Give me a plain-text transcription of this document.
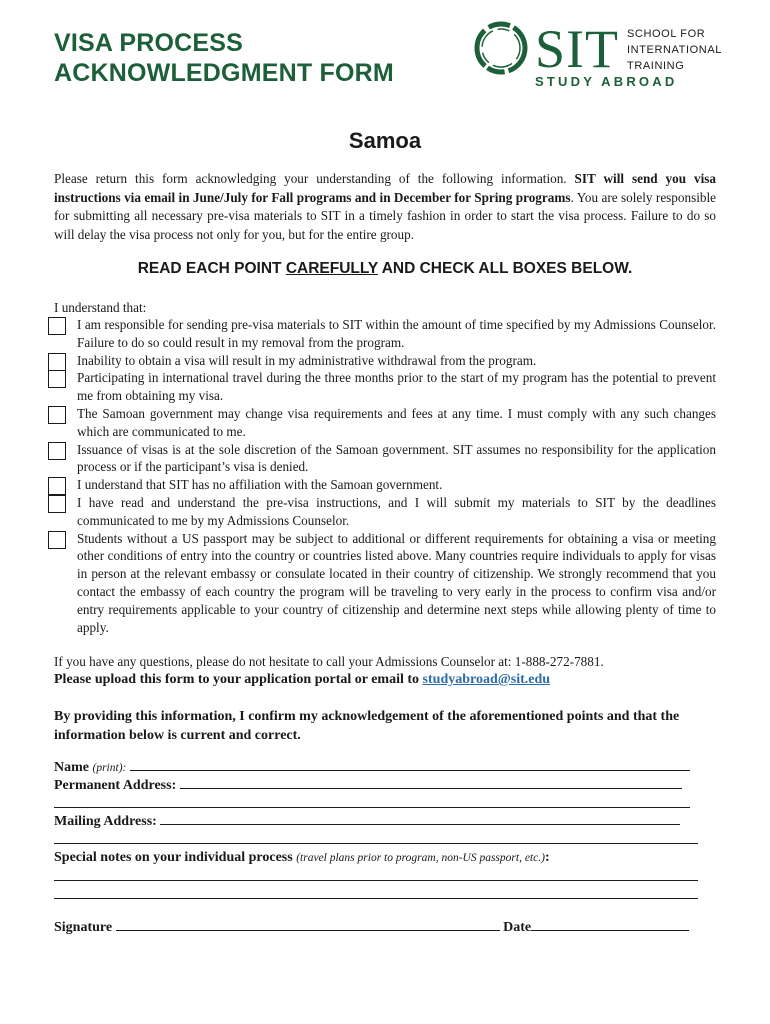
VISA PROCESS
ACKNOWLEDGMENT FORM	SIT SCHOOL FOR
INTERNATIONAL
TRAINING
STUDY ABROAD
Samoa

Please return this form acknowledging your understanding of the following information. SIT will send you visa instructions via email in June/July for Fall programs and in December for Spring programs. You are solely responsible for submitting all necessary pre-visa materials to SIT in a timely fashion in order to start the visa process. Failure to do so will delay the visa process not only for you, but for the entire group.

READ EACH POINT CAREFULLY AND CHECK ALL BOXES BELOW.
I understand that:
I am responsible for sending pre-visa materials to SIT within the amount of time specified by my Admissions Counselor. Failure to do so could result in my removal from the program.
Inability to obtain a visa will result in my administrative withdrawal from the program.
Participating in international travel during the three months prior to the start of my program has the potential to prevent me from obtaining my visa.
The Samoan government may change visa requirements and fees at any time. I must comply with any such changes which are communicated to me.
Issuance of visas is at the sole discretion of the Samoan government. SIT assumes no responsibility for the application process or if the participant’s visa is denied.
I understand that SIT has no affiliation with the Samoan government.
I have read and understand the pre-visa instructions, and I will submit my materials to SIT by the deadlines communicated to me by my Admissions Counselor.
Students without a US passport may be subject to additional or different requirements for obtaining a visa or meeting other conditions of entry into the country or countries listed above. Many countries require individuals to apply for visas in person at the relevant embassy or consulate located in their country of citizenship. We strongly recommend that you contact the embassy of each country the program will be traveling to very early in the process to confirm visa and/or entry requirements applicable to your country of citizenship and determine next steps while allowing plenty of time to apply.
If you have any questions, please do not hesitate to call your Admissions Counselor at: 1-888-272-7881.
Please upload this form to your application portal or email to studyabroad@sit.edu
By providing this information, I confirm my acknowledgement of the aforementioned points and that the information below is current and correct.
Name (print):
Permanent Address:
Mailing Address:
Special notes on your individual process (travel plans prior to program, non-US passport, etc.):
Signature	Date
